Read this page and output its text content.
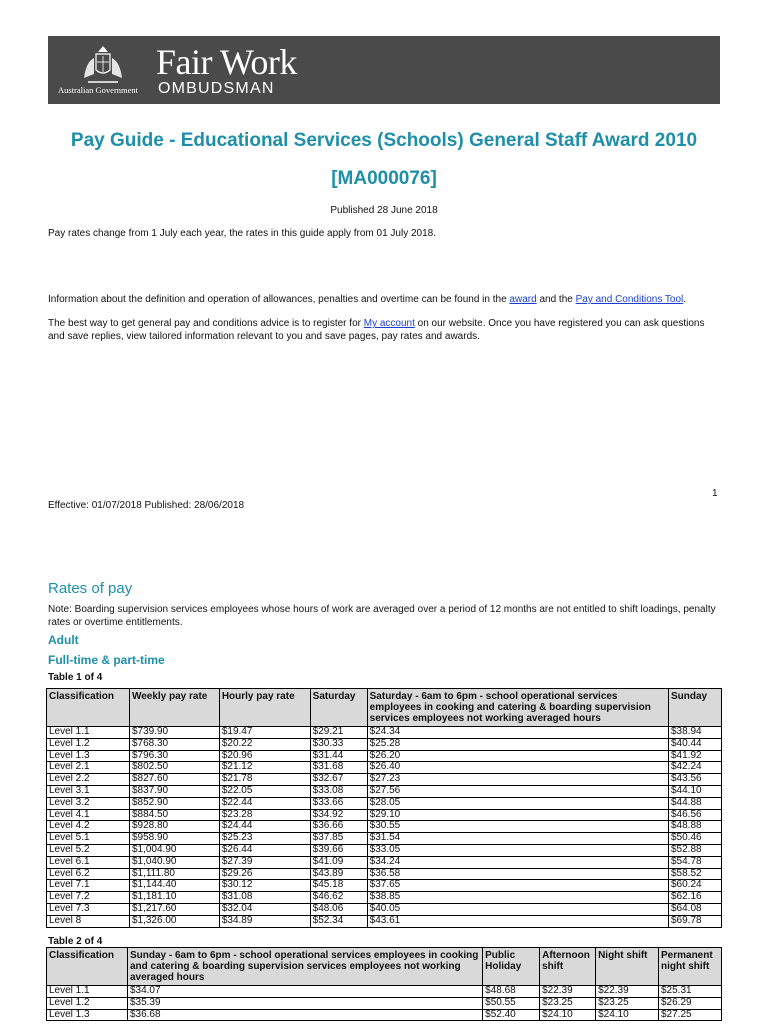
Australian Government
Fair Work
OMBUDSMAN
Pay Guide - Educational Services (Schools) General Staff Award 2010
[MA000076]
Published 28 June 2018
Pay rates change from 1 July each year, the rates in this guide apply from 01 July 2018.
Information about the definition and operation of allowances, penalties and overtime can be found in the award and the Pay and Conditions Tool.
The best way to get general pay and conditions advice is to register for My account on our website. Once you have registered you can ask questions and save replies, view tailored information relevant to you and save pages, pay rates and awards.
1
Effective: 01/07/2018 Published: 28/06/2018
Rates of pay
Note: Boarding supervision services employees whose hours of work are averaged over a period of 12 months are not entitled to shift loadings, penalty rates or overtime entitlements.
Adult
Full-time & part-time
Table 1 of 4
Classification	Weekly pay rate	Hourly pay rate	Saturday	Saturday - 6am to 6pm - school operational services employees in cooking and catering & boarding supervision services employees not working averaged hours	Sunday
Level 1.1	$739.90	$19.47	$29.21	$24.34	$38.94
Level 1.2	$768.30	$20.22	$30.33	$25.28	$40.44
Level 1.3	$796.30	$20.96	$31.44	$26.20	$41.92
Level 2.1	$802.50	$21.12	$31.68	$26.40	$42.24
Level 2.2	$827.60	$21.78	$32.67	$27.23	$43.56
Level 3.1	$837.90	$22.05	$33.08	$27.56	$44.10
Level 3.2	$852.90	$22.44	$33.66	$28.05	$44.88
Level 4.1	$884.50	$23.28	$34.92	$29.10	$46.56
Level 4.2	$928.80	$24.44	$36.66	$30.55	$48.88
Level 5.1	$958.90	$25.23	$37.85	$31.54	$50.46
Level 5.2	$1,004.90	$26.44	$39.66	$33.05	$52.88
Level 6.1	$1,040.90	$27.39	$41.09	$34.24	$54.78
Level 6.2	$1,111.80	$29.26	$43.89	$36.58	$58.52
Level 7.1	$1,144.40	$30.12	$45.18	$37.65	$60.24
Level 7.2	$1,181.10	$31.08	$46.62	$38.85	$62.16
Level 7.3	$1,217.60	$32.04	$48.06	$40.05	$64.08
Level 8	$1,326.00	$34.89	$52.34	$43.61	$69.78
Table 2 of 4
Classification	Sunday - 6am to 6pm - school operational services employees in cooking and catering & boarding supervision services employees not working averaged hours	Public Holiday	Afternoon shift	Night shift	Permanent night shift
Level 1.1	$34.07	$48.68	$22.39	$22.39	$25.31
Level 1.2	$35.39	$50.55	$23.25	$23.25	$26.29
Level 1.3	$36.68	$52.40	$24.10	$24.10	$27.25
